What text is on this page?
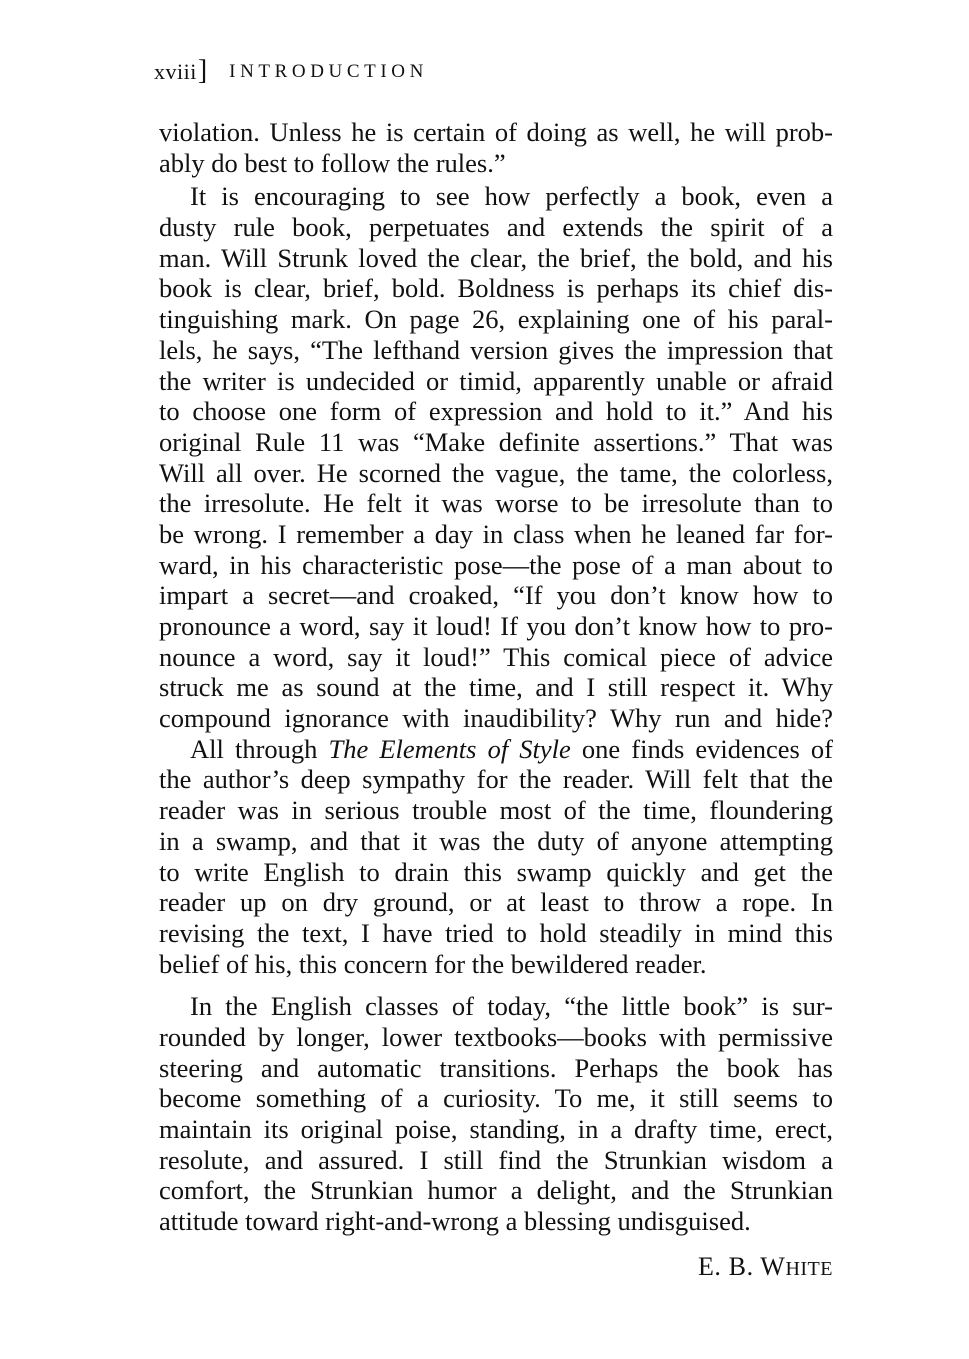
xviii ] INTRODUCTION
violation. Unless he is certain of doing as well, he will prob-
ably do best to follow the rules.”
It is encouraging to see how perfectly a book, even a
dusty rule book, perpetuates and extends the spirit of a
man. Will Strunk loved the clear, the brief, the bold, and his
book is clear, brief, bold. Boldness is perhaps its chief dis-
tinguishing mark. On page 26, explaining one of his paral-
lels, he says, “The lefthand version gives the impression that
the writer is undecided or timid, apparently unable or afraid
to choose one form of expression and hold to it.” And his
original Rule 11 was “Make definite assertions.” That was
Will all over. He scorned the vague, the tame, the colorless,
the irresolute. He felt it was worse to be irresolute than to
be wrong. I remember a day in class when he leaned far for-
ward, in his characteristic pose—the pose of a man about to
impart a secret—and croaked, “If you don’t know how to
pronounce a word, say it loud! If you don’t know how to pro-
nounce a word, say it loud!” This comical piece of advice
struck me as sound at the time, and I still respect it. Why
compound ignorance with inaudibility? Why run and hide?
All through The Elements of Style one finds evidences of
the author’s deep sympathy for the reader. Will felt that the
reader was in serious trouble most of the time, floundering
in a swamp, and that it was the duty of anyone attempting
to write English to drain this swamp quickly and get the
reader up on dry ground, or at least to throw a rope. In
revising the text, I have tried to hold steadily in mind this
belief of his, this concern for the bewildered reader.
In the English classes of today, “the little book” is sur-
rounded by longer, lower textbooks—books with permissive
steering and automatic transitions. Perhaps the book has
become something of a curiosity. To me, it still seems to
maintain its original poise, standing, in a drafty time, erect,
resolute, and assured. I still find the Strunkian wisdom a
comfort, the Strunkian humor a delight, and the Strunkian
attitude toward right-and-wrong a blessing undisguised.
E. B. WHITE
